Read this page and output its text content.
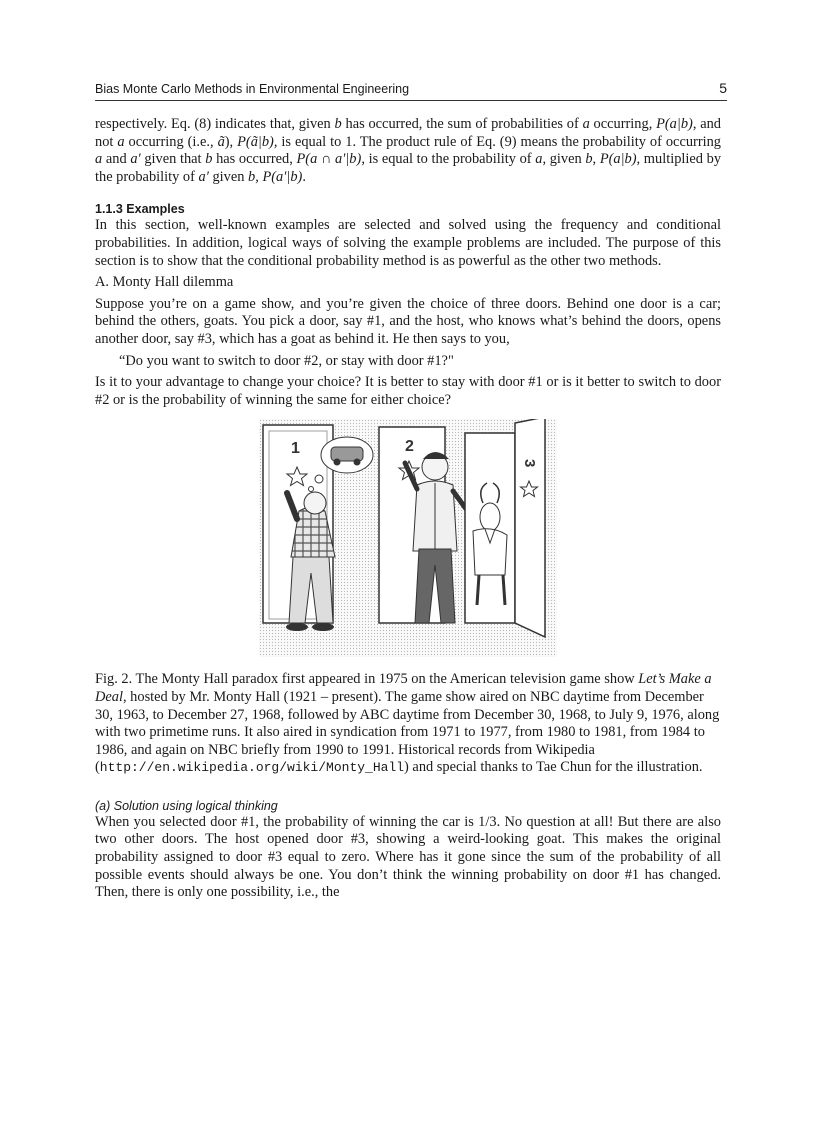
Bias Monte Carlo Methods in Environmental Engineering	5

respectively. Eq. (8) indicates that, given b has occurred, the sum of probabilities of a occurring, P(a|b), and not a occurring (i.e., ã), P(ã|b), is equal to 1. The product rule of Eq. (9) means the probability of occurring a and a′ given that b has occurred, P(a ∩ a′|b), is equal to the probability of a, given b, P(a|b), multiplied by the probability of a′ given b, P(a′|b).

1.1.3 Examples

In this section, well-known examples are selected and solved using the frequency and conditional probabilities. In addition, logical ways of solving the example problems are included. The purpose of this section is to show that the conditional probability method is as powerful as the other two methods.

A. Monty Hall dilemma

Suppose you’re on a game show, and you’re given the choice of three doors. Behind one door is a car; behind the others, goats. You pick a door, say #1, and the host, who knows what’s behind the doors, opens another door, say #3, which has a goat as behind it. He then says to you,

“Do you want to switch to door #2, or stay with door #1?"

Is it to your advantage to change your choice? It is better to stay with door #1 or is it better to switch to door #2 or is the probability of winning the same for either choice?

1	2
3

Fig. 2. The Monty Hall paradox first appeared in 1975 on the American television game show Let’s Make a Deal, hosted by Mr. Monty Hall (1921 – present). The game show aired on NBC daytime from December 30, 1963, to December 27, 1968, followed by ABC daytime from December 30, 1968, to July 9, 1976, along with two primetime runs. It also aired in syndication from 1971 to 1977, from 1980 to 1981, from 1984 to 1986, and again on NBC briefly from 1990 to 1991. Historical records from Wikipedia (http://en.wikipedia.org/wiki/Monty_Hall) and special thanks to Tae Chun for the illustration.

(a) Solution using logical thinking

When you selected door #1, the probability of winning the car is 1/3. No question at all! But there are also two other doors. The host opened door #3, showing a weird-looking goat. This makes the original probability assigned to door #3 equal to zero. Where has it gone since the sum of the probability of all possible events should always be one. You don’t think the winning probability on door #1 has changed. Then, there is only one possibility, i.e., the
